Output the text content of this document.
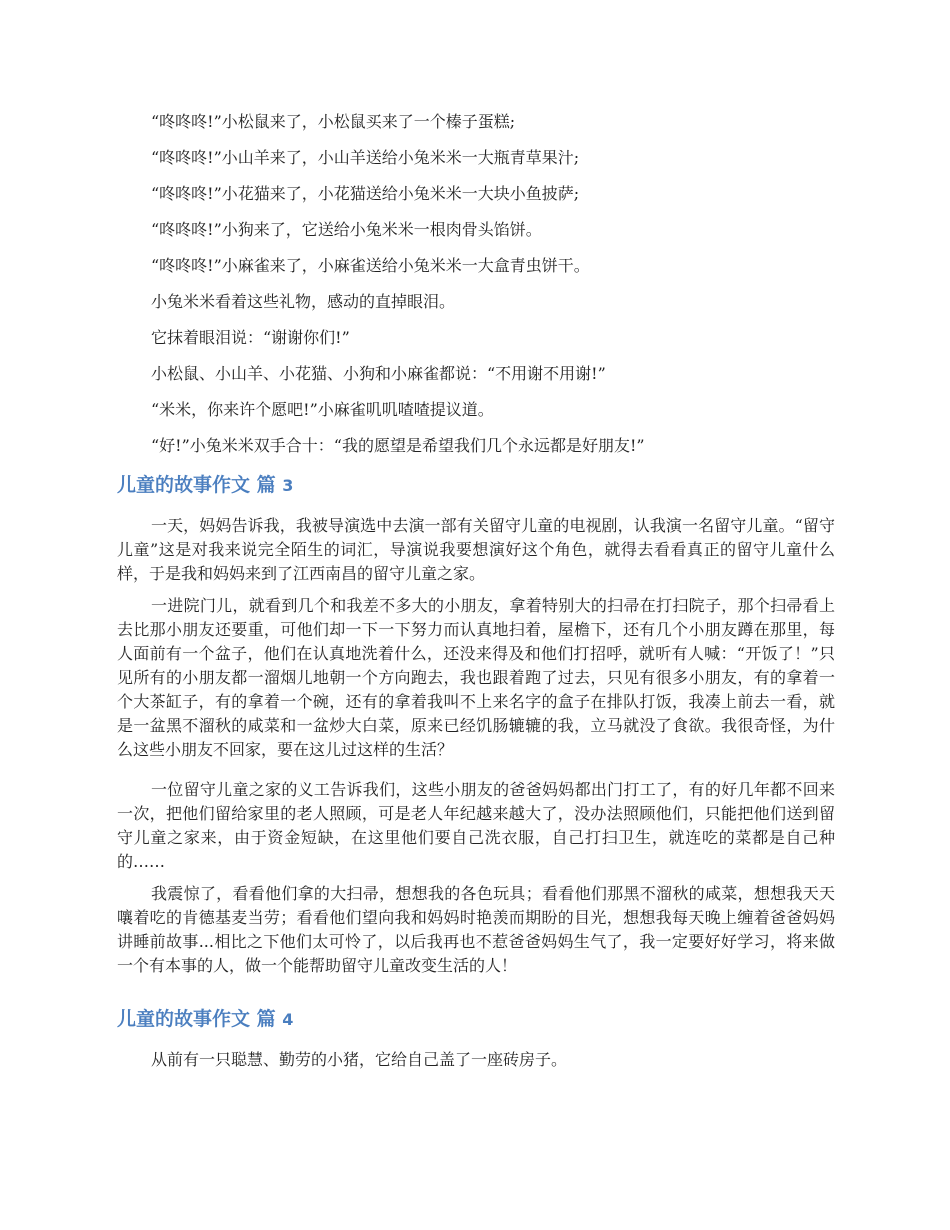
“咚咚咚!”小松鼠来了，小松鼠买来了一个榛子蛋糕;
“咚咚咚!”小山羊来了，小山羊送给小兔米米一大瓶青草果汁;
“咚咚咚!”小花猫来了，小花猫送给小兔米米一大块小鱼披萨;
“咚咚咚!”小狗来了，它送给小兔米米一根肉骨头馅饼。
“咚咚咚!”小麻雀来了，小麻雀送给小兔米米一大盒青虫饼干。
小兔米米看着这些礼物，感动的直掉眼泪。
它抹着眼泪说：“谢谢你们!”
小松鼠、小山羊、小花猫、小狗和小麻雀都说：“不用谢不用谢!”
“米米，你来许个愿吧!”小麻雀叽叽喳喳提议道。
“好!”小兔米米双手合十：“我的愿望是希望我们几个永远都是好朋友!”
儿童的故事作文 篇 3

一天，妈妈告诉我，我被导演选中去演一部有关留守儿童的电视剧，认我演一名留守儿童。“留守儿童”这是对我来说完全陌生的词汇，导演说我要想演好这个角色，就得去看看真正的留守儿童什么样，于是我和妈妈来到了江西南昌的留守儿童之家。

一进院门儿，就看到几个和我差不多大的小朋友，拿着特别大的扫帚在打扫院子，那个扫帚看上去比那小朋友还要重，可他们却一下一下努力而认真地扫着，屋檐下，还有几个小朋友蹲在那里，每人面前有一个盆子，他们在认真地洗着什么，还没来得及和他们打招呼，就听有人喊：“开饭了！”只见所有的小朋友都一溜烟儿地朝一个方向跑去，我也跟着跑了过去，只见有很多小朋友，有的拿着一个大茶缸子，有的拿着一个碗，还有的拿着我叫不上来名字的盒子在排队打饭，我凑上前去一看，就是一盆黑不溜秋的咸菜和一盆炒大白菜，原来已经饥肠辘辘的我，立马就没了食欲。我很奇怪，为什么这些小朋友不回家，要在这儿过这样的生活？

一位留守儿童之家的义工告诉我们，这些小朋友的爸爸妈妈都出门打工了，有的好几年都不回来一次，把他们留给家里的老人照顾，可是老人年纪越来越大了，没办法照顾他们，只能把他们送到留守儿童之家来，由于资金短缺，在这里他们要自己洗衣服，自己打扫卫生，就连吃的菜都是自己种的……

我震惊了，看看他们拿的大扫帚，想想我的各色玩具；看看他们那黑不溜秋的咸菜，想想我天天嚷着吃的肯德基麦当劳；看看他们望向我和妈妈时艳羡而期盼的目光，想想我每天晚上缠着爸爸妈妈讲睡前故事...相比之下他们太可怜了，以后我再也不惹爸爸妈妈生气了，我一定要好好学习，将来做一个有本事的人，做一个能帮助留守儿童改变生活的人！

儿童的故事作文 篇 4

从前有一只聪慧、勤劳的小猪，它给自己盖了一座砖房子。
